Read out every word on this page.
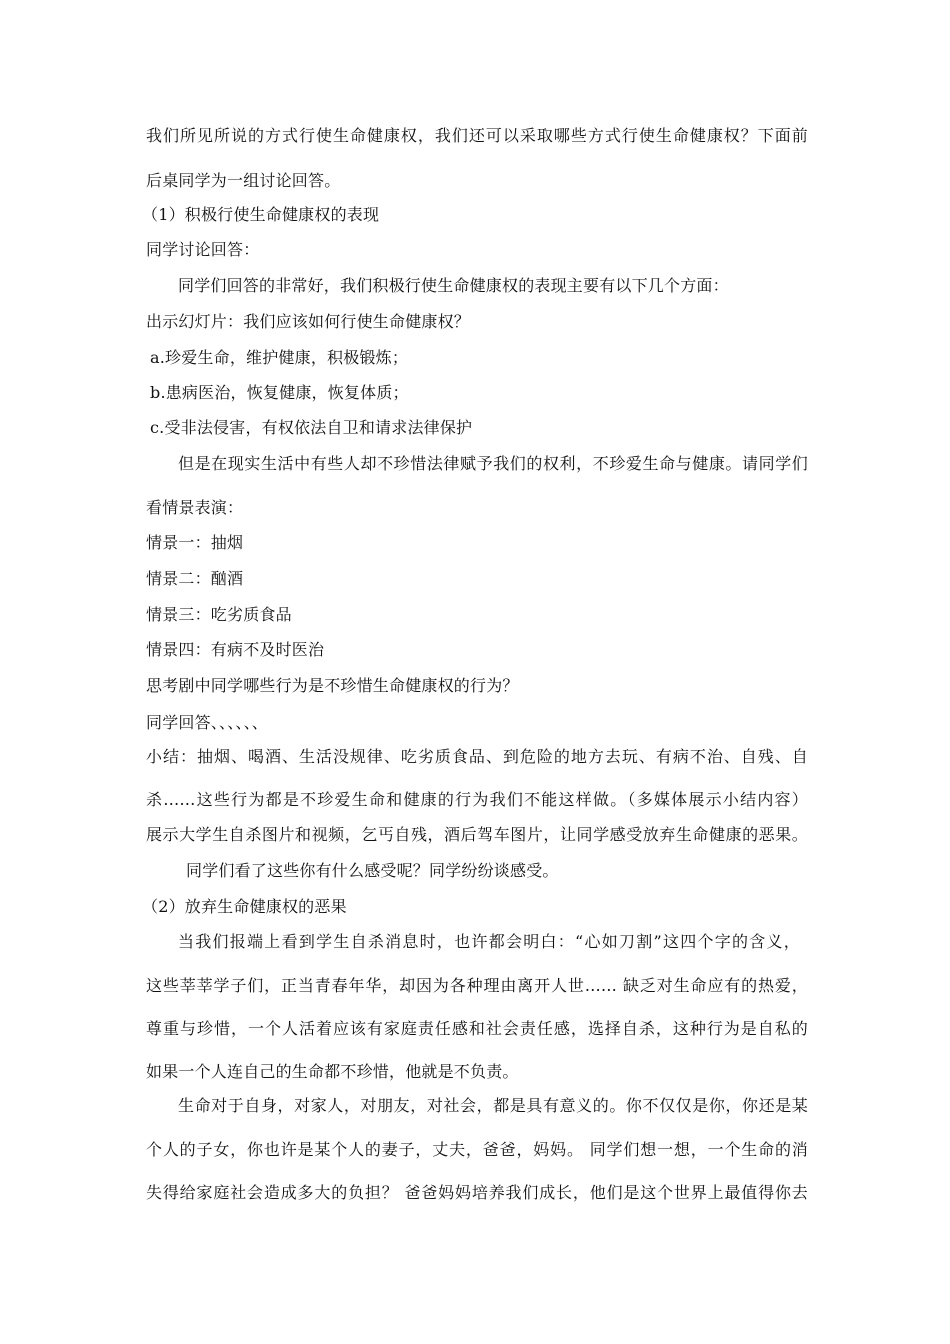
我们所见所说的方式行使生命健康权，我们还可以采取哪些方式行使生命健康权？下面前
后桌同学为一组讨论回答。
（1）积极行使生命健康权的表现
同学讨论回答：
同学们回答的非常好，我们积极行使生命健康权的表现主要有以下几个方面：
出示幻灯片：我们应该如何行使生命健康权？
a.珍爱生命，维护健康，积极锻炼；
b.患病医治，恢复健康，恢复体质；
c.受非法侵害，有权依法自卫和请求法律保护
但是在现实生活中有些人却不珍惜法律赋予我们的权利，不珍爱生命与健康。请同学们
看情景表演：
情景一：抽烟
情景二：酗酒
情景三：吃劣质食品
情景四：有病不及时医治
思考剧中同学哪些行为是不珍惜生命健康权的行为？
同学回答、、、、、、
小结：抽烟、喝酒、生活没规律、吃劣质食品、到危险的地方去玩、有病不治、自残、自
杀……这些行为都是不珍爱生命和健康的行为我们不能这样做。（多媒体展示小结内容）
展示大学生自杀图片和视频，乞丐自残，酒后驾车图片，让同学感受放弃生命健康的恶果。
同学们看了这些你有什么感受呢？同学纷纷谈感受。
（2）放弃生命健康权的恶果
当我们报端上看到学生自杀消息时，也许都会明白：“心如刀割”这四个字的含义，
这些莘莘学子们，正当青春年华，却因为各种理由离开人世…… 缺乏对生命应有的热爱，
尊重与珍惜，一个人活着应该有家庭责任感和社会责任感，选择自杀，这种行为是自私的
如果一个人连自己的生命都不珍惜，他就是不负责。
生命对于自身，对家人，对朋友，对社会，都是具有意义的。你不仅仅是你，你还是某
个人的子女，你也许是某个人的妻子，丈夫，爸爸，妈妈。 同学们想一想，一个生命的消
失得给家庭社会造成多大的负担？ 爸爸妈妈培养我们成长，他们是这个世界上最值得你去
